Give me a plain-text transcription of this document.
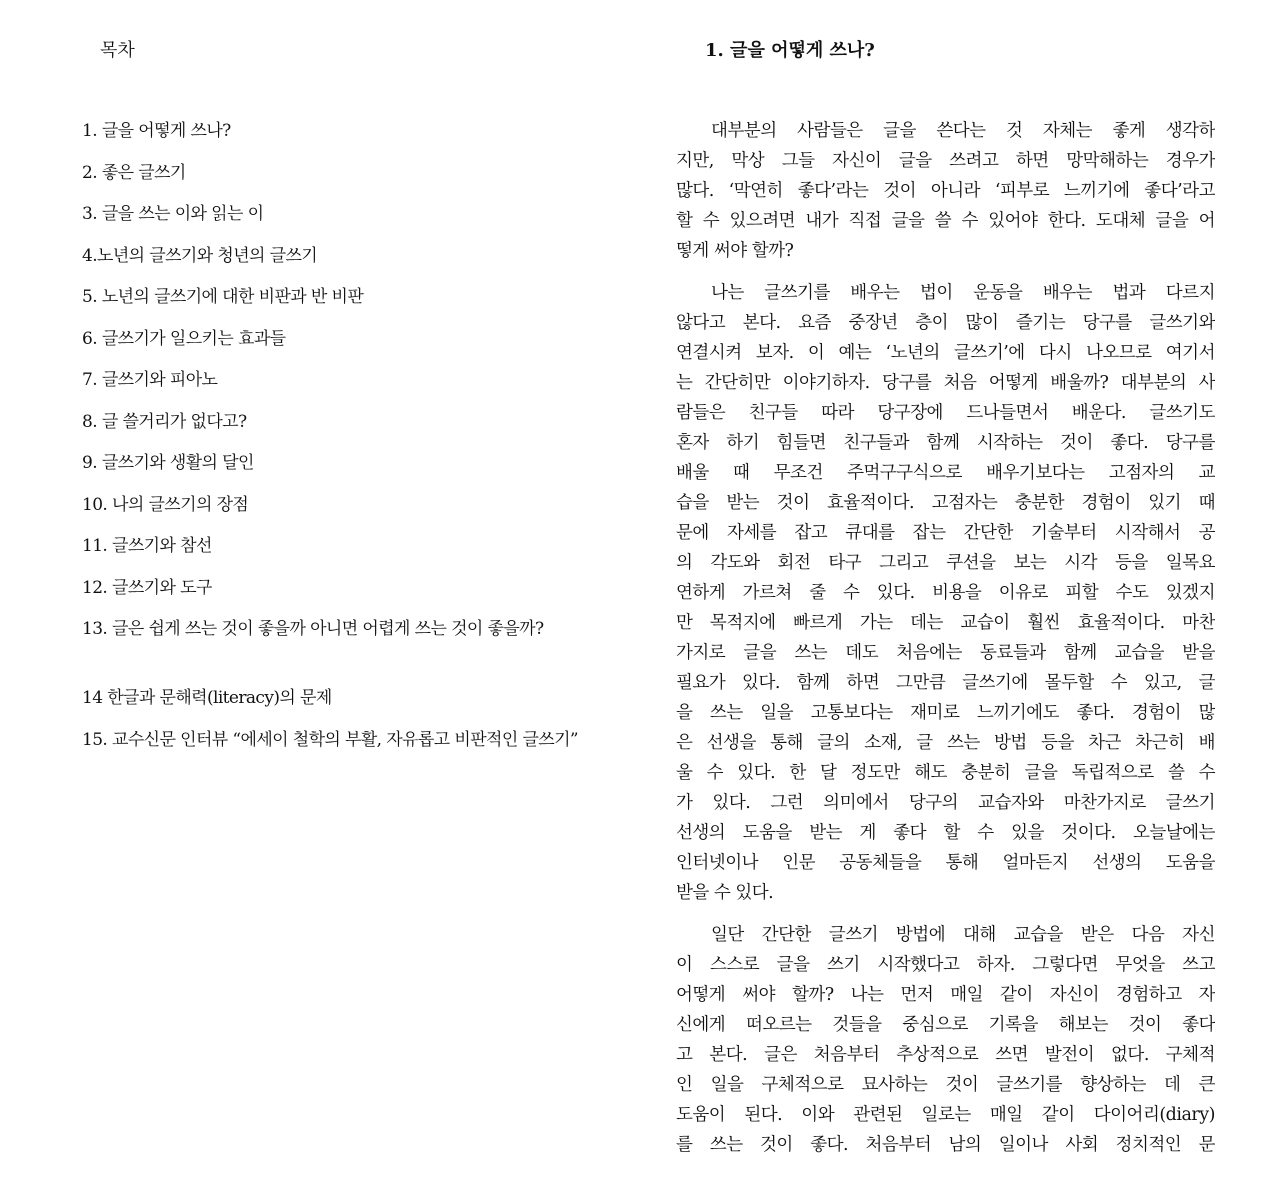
목차
1. 글을 어떻게 쓰나?
2. 좋은 글쓰기
3. 글을 쓰는 이와 읽는 이
4.노년의 글쓰기와 청년의 글쓰기
5. 노년의 글쓰기에 대한 비판과 반 비판
6. 글쓰기가 일으키는 효과들
7. 글쓰기와 피아노
8. 글 쓸거리가 없다고?
9. 글쓰기와 생활의 달인
10. 나의 글쓰기의 장점
11. 글쓰기와 참선
12. 글쓰기와 도구
13. 글은 쉽게 쓰는 것이 좋을까 아니면 어렵게 쓰는 것이 좋을까?
14 한글과 문해력(literacy)의 문제
15. 교수신문 인터뷰 “에세이 철학의 부활, 자유롭고 비판적인 글쓰기”
1. 글을 어떻게 쓰나?
대부분의 사람들은 글을 쓴다는 것 자체는 좋게 생각하
지만, 막상 그들 자신이 글을 쓰려고 하면 망막해하는 경우가
많다. ‘막연히 좋다’라는 것이 아니라 ‘피부로 느끼기에 좋다’라고
할 수 있으려면 내가 직접 글을 쓸 수 있어야 한다. 도대체 글을 어
떻게 써야 할까?
나는 글쓰기를 배우는 법이 운동을 배우는 법과 다르지
않다고 본다. 요즘 중장년 층이 많이 즐기는 당구를 글쓰기와
연결시켜 보자. 이 예는 ‘노년의 글쓰기’에 다시 나오므로 여기서
는 간단히만 이야기하자. 당구를 처음 어떻게 배울까? 대부분의 사
람들은 친구들 따라 당구장에 드나들면서 배운다. 글쓰기도
혼자 하기 힘들면 친구들과 함께 시작하는 것이 좋다. 당구를
배울 때 무조건 주먹구구식으로 배우기보다는 고점자의 교
습을 받는 것이 효율적이다. 고점자는 충분한 경험이 있기 때
문에 자세를 잡고 큐대를 잡는 간단한 기술부터 시작해서 공
의 각도와 회전 타구 그리고 쿠션을 보는 시각 등을 일목요
연하게 가르쳐 줄 수 있다. 비용을 이유로 피할 수도 있겠지
만 목적지에 빠르게 가는 데는 교습이 훨씬 효율적이다. 마찬
가지로 글을 쓰는 데도 처음에는 동료들과 함께 교습을 받을
필요가 있다. 함께 하면 그만큼 글쓰기에 몰두할 수 있고, 글
을 쓰는 일을 고통보다는 재미로 느끼기에도 좋다. 경험이 많
은 선생을 통해 글의 소재, 글 쓰는 방법 등을 차근 차근히 배
울 수 있다. 한 달 정도만 해도 충분히 글을 독립적으로 쓸 수
가 있다. 그런 의미에서 당구의 교습자와 마찬가지로 글쓰기
선생의 도움을 받는 게 좋다 할 수 있을 것이다. 오늘날에는
인터넷이나 인문 공동체들을 통해 얼마든지 선생의 도움을
받을 수 있다.
일단 간단한 글쓰기 방법에 대해 교습을 받은 다음 자신
이 스스로 글을 쓰기 시작했다고 하자. 그렇다면 무엇을 쓰고
어떻게 써야 할까? 나는 먼저 매일 같이 자신이 경험하고 자
신에게 떠오르는 것들을 중심으로 기록을 해보는 것이 좋다
고 본다. 글은 처음부터 추상적으로 쓰면 발전이 없다. 구체적
인 일을 구체적으로 묘사하는 것이 글쓰기를 향상하는 데 큰
도움이 된다. 이와 관련된 일로는 매일 같이 다이어리(diary)
를 쓰는 것이 좋다. 처음부터 남의 일이나 사회 정치적인 문
